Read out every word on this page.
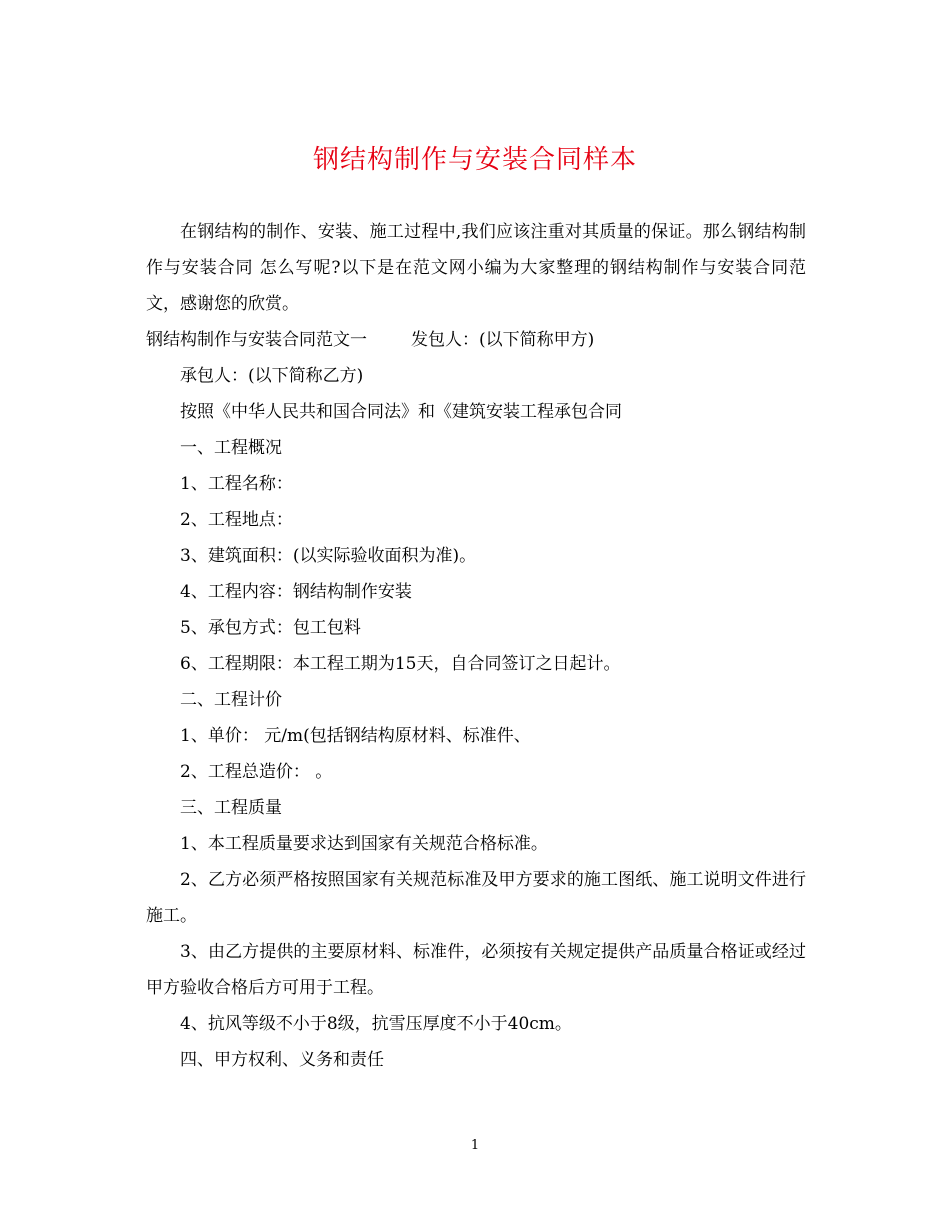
钢结构制作与安装合同样本

在钢结构的制作、安装、施工过程中,我们应该注重对其质量的保证。那么钢结构制作与安装合同 怎么写呢?以下是在范文网小编为大家整理的钢结构制作与安装合同范文，感谢您的欣赏。

钢结构制作与安装合同范文一	发包人：(以下简称甲方)

承包人：(以下简称乙方)

按照《中华人民共和国合同法》和《建筑安装工程承包合同

一、工程概况

1、工程名称：

2、工程地点：

3、建筑面积：(以实际验收面积为准)。

4、工程内容：钢结构制作安装

5、承包方式：包工包料

6、工程期限：本工程工期为15天，自合同签订之日起计。

二、工程计价

1、单价： 元/m(包括钢结构原材料、标准件、

2、工程总造价： 。

三、工程质量

1、本工程质量要求达到国家有关规范合格标准。

2、乙方必须严格按照国家有关规范标准及甲方要求的施工图纸、施工说明文件进行施工。

3、由乙方提供的主要原材料、标准件，必须按有关规定提供产品质量合格证或经过甲方验收合格后方可用于工程。

4、抗风等级不小于8级，抗雪压厚度不小于40cm。

四、甲方权利、义务和责任

1
